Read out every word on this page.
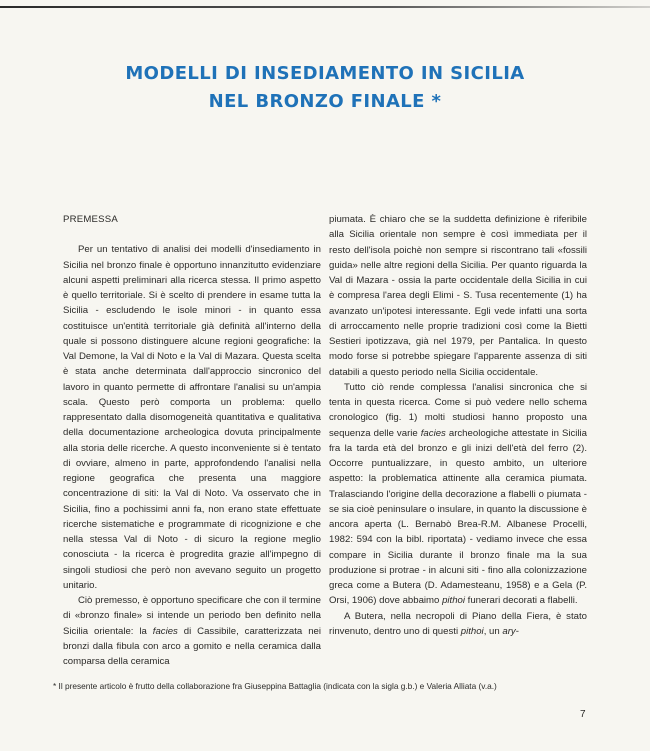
MODELLI DI INSEDIAMENTO IN SICILIA
NEL BRONZO FINALE *
PREMESSA

Per un tentativo di analisi dei modelli d'insediamento in Sicilia nel bronzo finale è opportuno innanzitutto evidenziare alcuni aspetti preliminari alla ricerca stessa. Il primo aspetto è quello territoriale. Si è scelto di prendere in esame tutta la Sicilia - escludendo le isole minori - in quanto essa costituisce un'entità territoriale già definità all'interno della quale si possono distinguere alcune regioni geografiche: la Val Demone, la Val di Noto e la Val di Mazara. Questa scelta è stata anche determinata dall'approccio sincronico del lavoro in quanto permette di affrontare l'analisi su un'ampia scala. Questo però comporta un problema: quello rappresentato dalla disomogeneità quantitativa e qualitativa della documentazione archeologica dovuta principalmente alla storia delle ricerche. A questo inconveniente si è tentato di ovviare, almeno in parte, approfondendo l'analisi nella regione geografica che presenta una maggiore concentrazione di siti: la Val di Noto. Va osservato che in Sicilia, fino a pochissimi anni fa, non erano state effettuate ricerche sistematiche e programmate di ricognizione e che nella stessa Val di Noto - di sicuro la regione meglio conosciuta - la ricerca è progredita grazie all'impegno di singoli studiosi che però non avevano seguito un progetto unitario.

Ciò premesso, è opportuno specificare che con il termine di «bronzo finale» si intende un periodo ben definito nella Sicilia orientale: la facies di Cassibile, caratterizzata nei bronzi dalla fibula con arco a gomito e nella ceramica dalla comparsa della ceramica

piumata. È chiaro che se la suddetta definizione è riferibile alla Sicilia orientale non sempre è così immediata per il resto dell'isola poichè non sempre si riscontrano tali «fossili guida» nelle altre regioni della Sicilia. Per quanto riguarda la Val di Mazara - ossia la parte occidentale della Sicilia in cui è compresa l'area degli Elimi - S. Tusa recentemente (1) ha avanzato un'ipotesi interessante. Egli vede infatti una sorta di arroccamento nelle proprie tradizioni così come la Bietti Sestieri ipotizzava, già nel 1979, per Pantalica. In questo modo forse si potrebbe spiegare l'apparente assenza di siti databili a questo periodo nella Sicilia occidentale.

Tutto ciò rende complessa l'analisi sincronica che si tenta in questa ricerca. Come si può vedere nello schema cronologico (fig. 1) molti studiosi hanno proposto una sequenza delle varie facies archeologiche attestate in Sicilia fra la tarda età del bronzo e gli inizi dell'età del ferro (2). Occorre puntualizzare, in questo ambito, un ulteriore aspetto: la problematica attinente alla ceramica piumata. Tralasciando l'origine della decorazione a flabelli o piumata - se sia cioè peninsulare o insulare, in quanto la discussione è ancora aperta (L. Bernabò Brea-R.M. Albanese Procelli, 1982: 594 con la bibl. riportata) - vediamo invece che essa compare in Sicilia durante il bronzo finale ma la sua produzione si protrae - in alcuni siti - fino alla colonizzazione greca come a Butera (D. Adamesteanu, 1958) e a Gela (P. Orsi, 1906) dove abbaimo pithoi funerari decorati a flabelli.

A Butera, nella necropoli di Piano della Fiera, è stato rinvenuto, dentro uno di questi pithoi, un ary-

* Il presente articolo è frutto della collaborazione fra Giuseppina Battaglia (indicata con la sigla g.b.) e Valeria Alliata (v.a.)
7
